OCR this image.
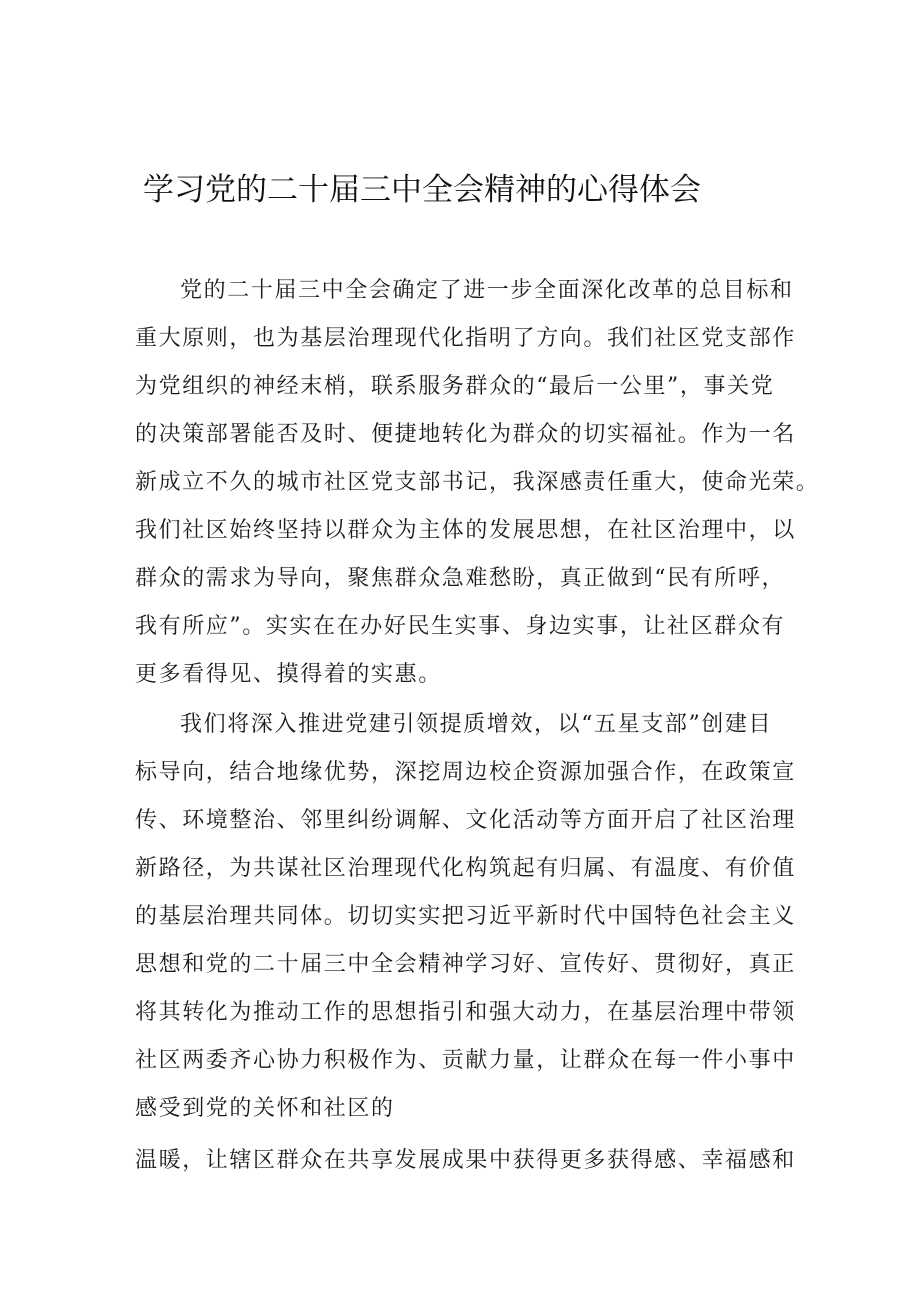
学习党的二十届三中全会精神的心得体会
党的二十届三中全会确定了进一步全面深化改革的总目标和
重大原则，也为基层治理现代化指明了方向。我们社区党支部作
为党组织的神经末梢，联系服务群众的“最后一公里”，事关党
的决策部署能否及时、便捷地转化为群众的切实福祉。作为一名
新成立不久的城市社区党支部书记，我深感责任重大，使命光荣。
我们社区始终坚持以群众为主体的发展思想，在社区治理中，以
群众的需求为导向，聚焦群众急难愁盼，真正做到“民有所呼，
我有所应”。实实在在办好民生实事、身边实事，让社区群众有
更多看得见、摸得着的实惠。
我们将深入推进党建引领提质增效，以“五星支部”创建目
标导向，结合地缘优势，深挖周边校企资源加强合作，在政策宣
传、环境整治、邻里纠纷调解、文化活动等方面开启了社区治理
新路径，为共谋社区治理现代化构筑起有归属、有温度、有价值
的基层治理共同体。切切实实把习近平新时代中国特色社会主义
思想和党的二十届三中全会精神学习好、宣传好、贯彻好，真正
将其转化为推动工作的思想指引和强大动力，在基层治理中带领
社区两委齐心协力积极作为、贡献力量，让群众在每一件小事中
感受到党的关怀和社区的
温暖，让辖区群众在共享发展成果中获得更多获得感、幸福感和
